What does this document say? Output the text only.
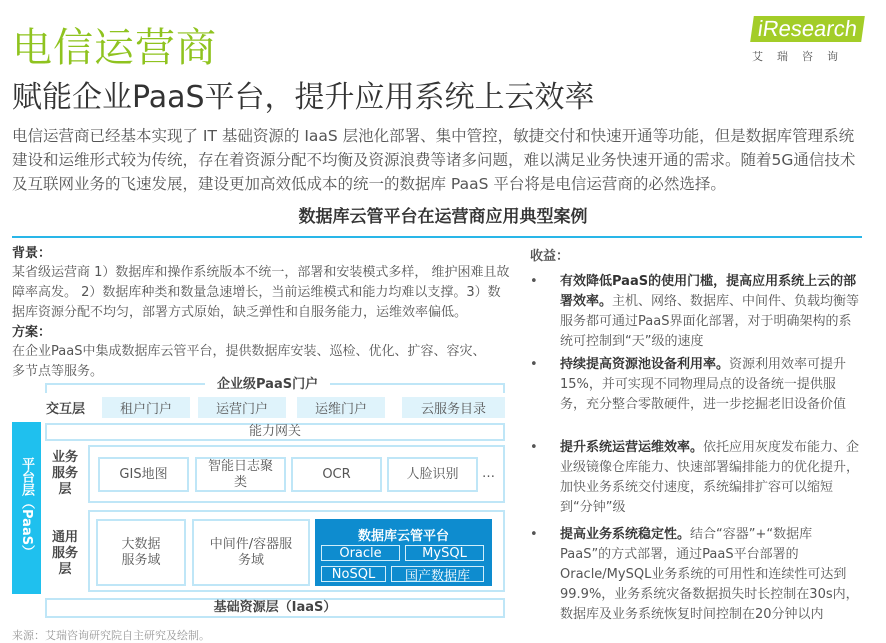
电信运营商
赋能企业PaaS平台，提升应用系统上云效率
iResearch
艾瑞咨询
电信运营商已经基本实现了 IT 基础资源的 IaaS 层池化部署、集中管控，敏捷交付和快速开通等功能，但是数据库管理系统建设和运维形式较为传统，存在着资源分配不均衡及资源浪费等诸多问题，难以满足业务快速开通的需求。随着5G通信技术及互联网业务的飞速发展，建设更加高效低成本的统一的数据库 PaaS 平台将是电信运营商的必然选择。
数据库云管平台在运营商应用典型案例
背景：
某省级运营商 1）数据库和操作系统版本不统一，部署和安装模式多样， 维护困难且故障率高发。 2）数据库种类和数量急速增长，当前运维模式和能力均难以支撑。3）数据库资源分配不均匀，部署方式原始，缺乏弹性和自服务能力，运维效率偏低。
方案：
在企业PaaS中集成数据库云管平台，提供数据库安装、巡检、优化、扩容、容灾、多节点等服务。
企业级PaaS门户
交互层	租户门户	运营门户	运维门户	云服务目录
能力网关
平台层（PaaS） 业务服务层
GIS地图
智能日志聚类
OCR	人脸识别	…
通用服务层
大数据服务域
中间件/容器服务域
数据库云管平台
Oracle	MySQL
NoSQL	国产数据库
基础资源层（IaaS）
来源：艾瑞咨询研究院自主研究及绘制。
收益：
• 有效降低PaaS的使用门槛，提高应用系统上云的部署效率。主机、网络、数据库、中间件、负载均衡等服务都可通过PaaS界面化部署，对于明确架构的系统可控制到“天”级的速度
• 持续提高资源池设备利用率。资源利用效率可提升15%，并可实现不同物理局点的设备统一提供服务，充分整合零散硬件，进一步挖掘老旧设备价值
• 提升系统运营运维效率。依托应用灰度发布能力、企业级镜像仓库能力、快速部署编排能力的优化提升，加快业务系统交付速度，系统编排扩容可以缩短到“分钟”级
• 提高业务系统稳定性。结合“容器”+“数据库PaaS”的方式部署，通过PaaS平台部署的Oracle/MySQL业务系统的可用性和连续性可达到99.9%，业务系统灾备数据损失时长控制在30s内，数据库及业务系统恢复时间控制在20分钟以内
